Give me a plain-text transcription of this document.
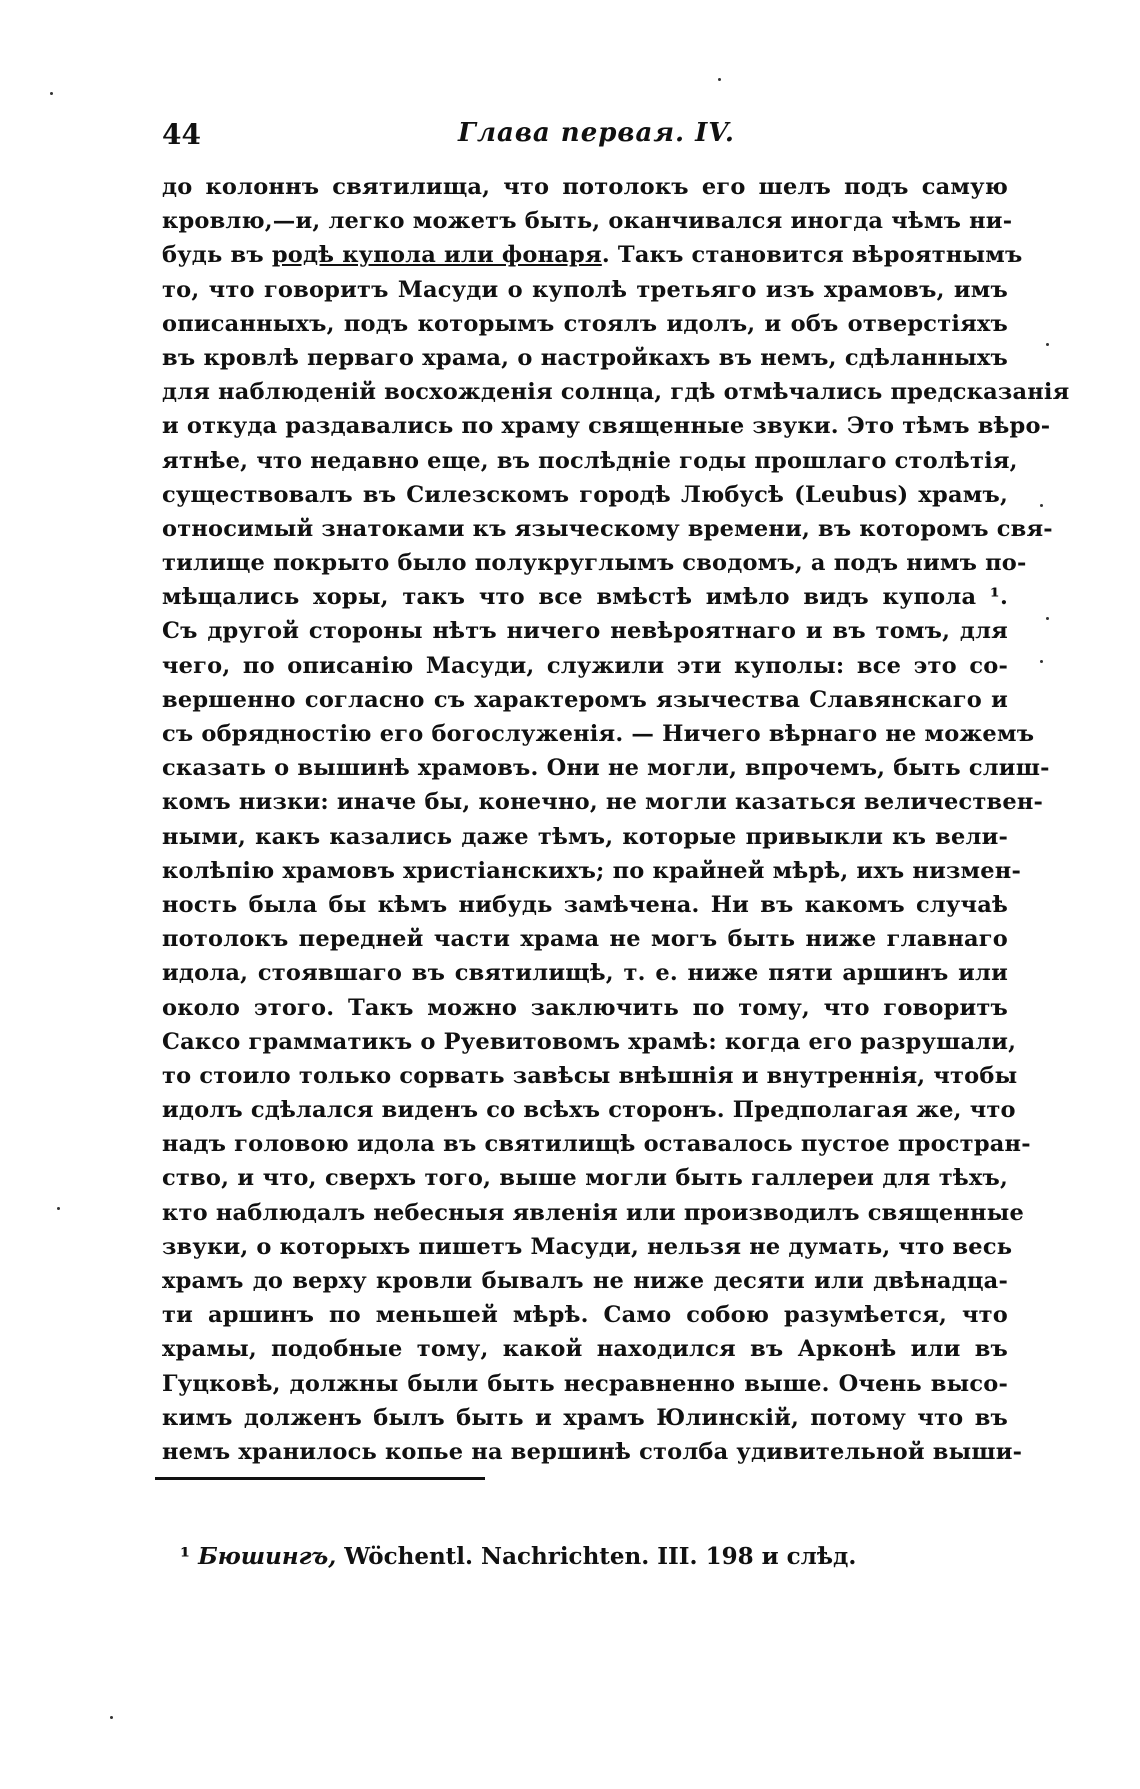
44	Глава первая. IV.
до колоннъ святилища, что потолокъ его шелъ подъ самую
кровлю,—и, легко можетъ быть, оканчивался иногда чѣмъ ни-
будь въ родѣ купола или фонаря. Такъ становится вѣроятнымъ
то, что говоритъ Масуди о куполѣ третьяго изъ храмовъ, имъ
описанныхъ, подъ которымъ стоялъ идолъ, и объ отверстіяхъ
въ кровлѣ перваго храма, о настройкахъ въ немъ, сдѣланныхъ
для наблюденій восхожденія солнца, гдѣ отмѣчались предсказанія
и откуда раздавались по храму священные звуки. Это тѣмъ вѣро-
ятнѣе, что недавно еще, въ послѣдніе годы прошлаго столѣтія,
существовалъ въ Силезскомъ городѣ Любусѣ (Leubus) храмъ,
относимый знатоками къ языческому времени, въ которомъ свя-
тилище покрыто было полукруглымъ сводомъ, а подъ нимъ по-
мѣщались хоры, такъ что все вмѣстѣ имѣло видъ купола ¹.
Съ другой стороны нѣтъ ничего невѣроятнаго и въ томъ, для
чего, по описанію Масуди, служили эти куполы: все это со-
вершенно согласно съ характеромъ язычества Славянскаго и
съ обрядностію его богослуженія. — Ничего вѣрнаго не можемъ
сказать о вышинѣ храмовъ. Они не могли, впрочемъ, быть слиш-
комъ низки: иначе бы, конечно, не могли казаться величествен-
ными, какъ казались даже тѣмъ, которые привыкли къ вели-
колѣпію храмовъ христіанскихъ; по крайней мѣрѣ, ихъ низмен-
ность была бы кѣмъ нибудь замѣчена. Ни въ какомъ случаѣ
потолокъ передней части храма не могъ быть ниже главнаго
идола, стоявшаго въ святилищѣ, т. е. ниже пяти аршинъ или
около этого. Такъ можно заключить по тому, что говоритъ
Саксо грамматикъ о Руевитовомъ храмѣ: когда его разрушали,
то стоило только сорвать завѣсы внѣшнія и внутреннія, чтобы
идолъ сдѣлался виденъ со всѣхъ сторонъ. Предполагая же, что
надъ головою идола въ святилищѣ оставалось пустое простран-
ство, и что, сверхъ того, выше могли быть галлереи для тѣхъ,
кто наблюдалъ небесныя явленія или производилъ священные
звуки, о которыхъ пишетъ Масуди, нельзя не думать, что весь
храмъ до верху кровли бывалъ не ниже десяти или двѣнадца-
ти аршинъ по меньшей мѣрѣ. Само собою разумѣется, что
храмы, подобные тому, какой находился въ Арконѣ или въ
Гуцковѣ, должны были быть несравненно выше. Очень высо-
кимъ долженъ былъ быть и храмъ Юлинскій, потому что въ
немъ хранилось копье на вершинѣ столба удивительной выши-
¹ Бюшингъ, Wöchentl. Nachrichten. III. 198 и слѣд.
